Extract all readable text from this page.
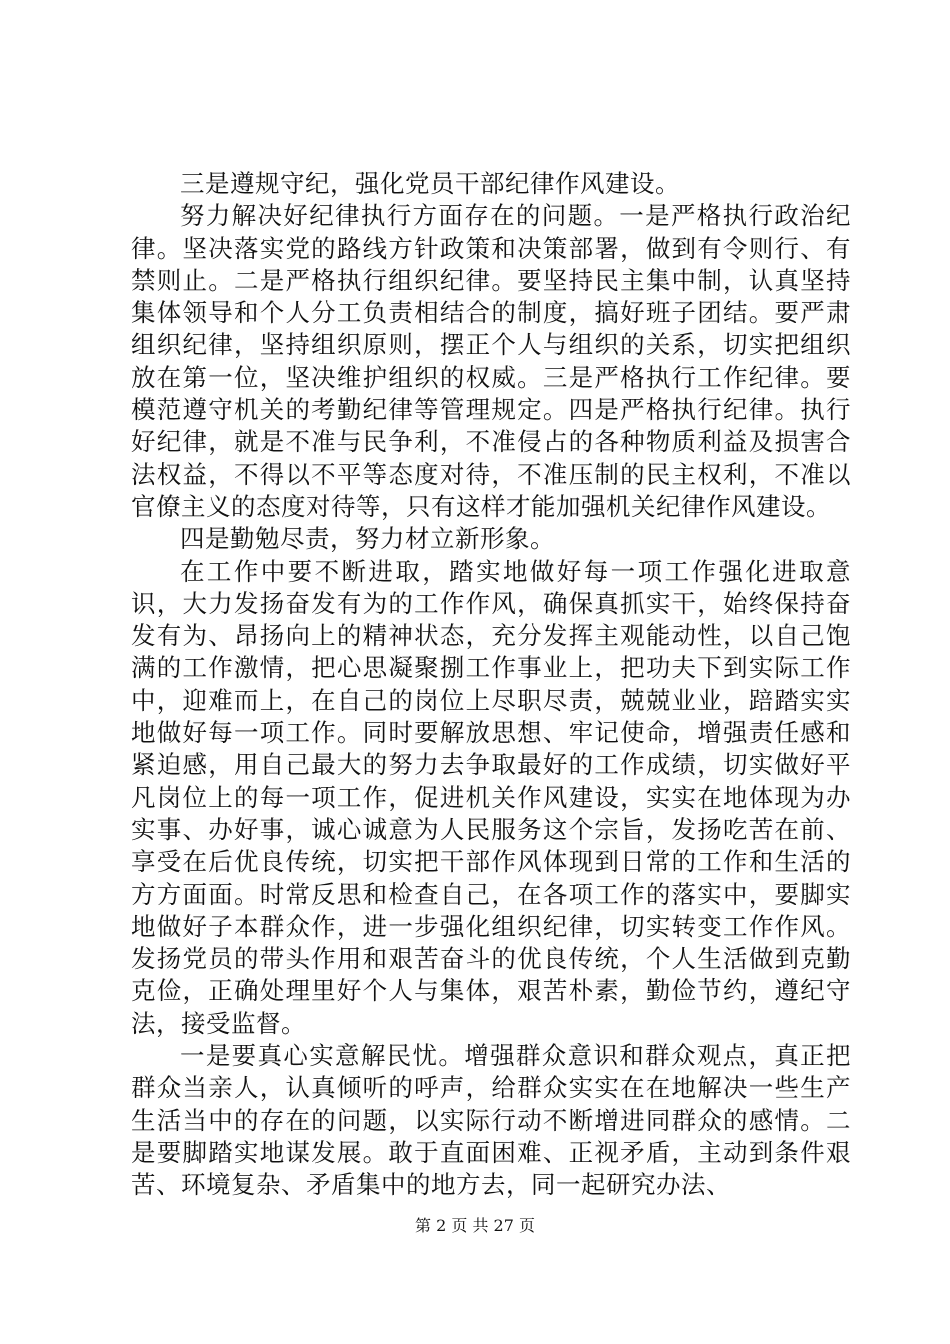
三是遵规守纪，强化党员干部纪律作风建设。

努力解决好纪律执行方面存在的问题。一是严格执行政治纪律。坚决落实党的路线方针政策和决策部署，做到有令则行、有禁则止。二是严格执行组织纪律。要坚持民主集中制，认真坚持集体领导和个人分工负责相结合的制度，搞好班子团结。要严肃组织纪律，坚持组织原则，摆正个人与组织的关系，切实把组织放在第一位，坚决维护组织的权威。三是严格执行工作纪律。要模范遵守机关的考勤纪律等管理规定。四是严格执行纪律。执行好纪律，就是不准与民争利，不准侵占的各种物质利益及损害合法权益，不得以不平等态度对待，不准压制的民主权利，不准以官僚主义的态度对待等，只有这样才能加强机关纪律作风建设。

四是勤勉尽责，努力材立新形象。

在工作中要不断进取，踏实地做好每一项工作强化进取意识，大力发扬奋发有为的工作作风，确保真抓实干，始终保持奋发有为、昂扬向上的精神状态，充分发挥主观能动性，以自己饱满的工作激情，把心思凝聚捌工作事业上，把功夫下到实际工作中，迎难而上，在自己的岗位上尽职尽责，兢兢业业，踣踏实实地做好每一项工作。同时要解放思想、牢记使命，增强责任感和紧迫感，用自己最大的努力去争取最好的工作成绩，切实做好平凡岗位上的每一项工作，促进机关作风建设，实实在地体现为办实事、办好事，诚心诚意为人民服务这个宗旨，发扬吃苦在前、享受在后优良传统，切实把干部作风体现到日常的工作和生活的方方面面。时常反思和检查自己，在各项工作的落实中，要脚实地做好子本群众作，进一步强化组织纪律，切实转变工作作风。发扬党员的带头作用和艰苦奋斗的优良传统，个人生活做到克勤克俭，正确处理里好个人与集体，艰苦朴素，勤俭节约，遵纪守法，接受监督。

一是要真心实意解民忧。增强群众意识和群众观点，真正把群众当亲人，认真倾听的呼声，给群众实实在在地解决一些生产生活当中的存在的问题，以实际行动不断增进同群众的感情。二是要脚踏实地谋发展。敢于直面困难、正视矛盾，主动到条件艰苦、环境复杂、矛盾集中的地方去，同一起研究办法、

第 2 页 共 27 页
